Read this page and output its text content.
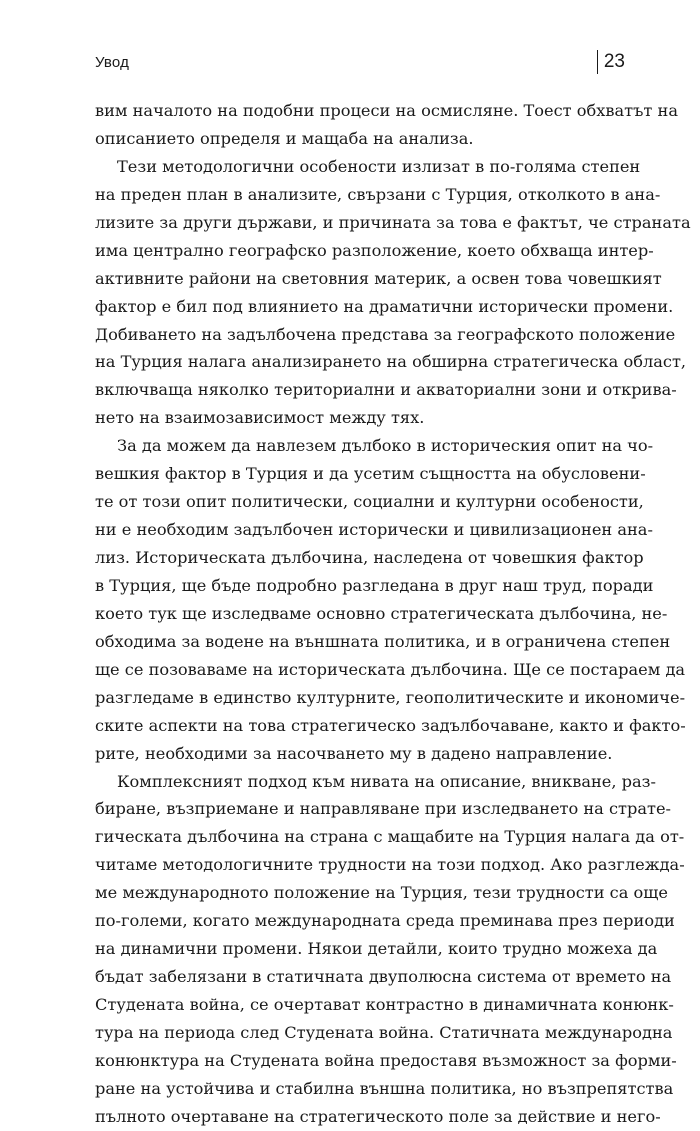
Увод	23
вим началото на подобни процеси на осмисляне. Тоест обхватът на
описанието определя и мащаба на анализа.
Тези методологични особености излизат в по-голяма степен
на преден план в анализите, свързани с Турция, отколкото в ана-
лизите за други държави, и причината за това е фактът, че страната
има централно географско разположение, което обхваща интер-
активните райони на световния материк, а освен това човешкият
фактор е бил под влиянието на драматични исторически промени.
Добиването на задълбочена представа за географското положение
на Турция налага анализирането на обширна стратегическа област,
включваща няколко териториални и акваториални зони и открива-
нето на взаимозависимост между тях.
За да можем да навлезем дълбоко в историческия опит на чо-
вешкия фактор в Турция и да усетим същността на обусловени-
те от този опит политически, социални и културни особености,
ни е необходим задълбочен исторически и цивилизационен ана-
лиз. Историческата дълбочина, наследена от човешкия фактор
в Турция, ще бъде подробно разгледана в друг наш труд, поради
което тук ще изследваме основно стратегическата дълбочина, не-
обходима за водене на външната политика, и в ограничена степен
ще се позоваваме на историческата дълбочина. Ще се постараем да
разгледаме в единство културните, геополитическите и икономиче-
ските аспекти на това стратегическо задълбочаване, както и факто-
рите, необходими за насочването му в дадено направление.
Комплексният подход към нивата на описание, вникване, раз-
биране, възприемане и направляване при изследването на страте-
гическата дълбочина на страна с мащабите на Турция налага да от-
читаме методологичните трудности на този подход. Ако разглежда-
ме международното положение на Турция, тези трудности са още
по-големи, когато международната среда преминава през периоди
на динамични промени. Някои детайли, които трудно можеха да
бъдат забелязани в статичната двуполюсна система от времето на
Студената война, се очертават контрастно в динамичната конюнк-
тура на периода след Студената война. Статичната международна
конюнктура на Студената война предоставя възможност за форми-
ране на устойчива и стабилна външна политика, но възпрепятства
пълното очертаване на стратегическото поле за действие и него-
